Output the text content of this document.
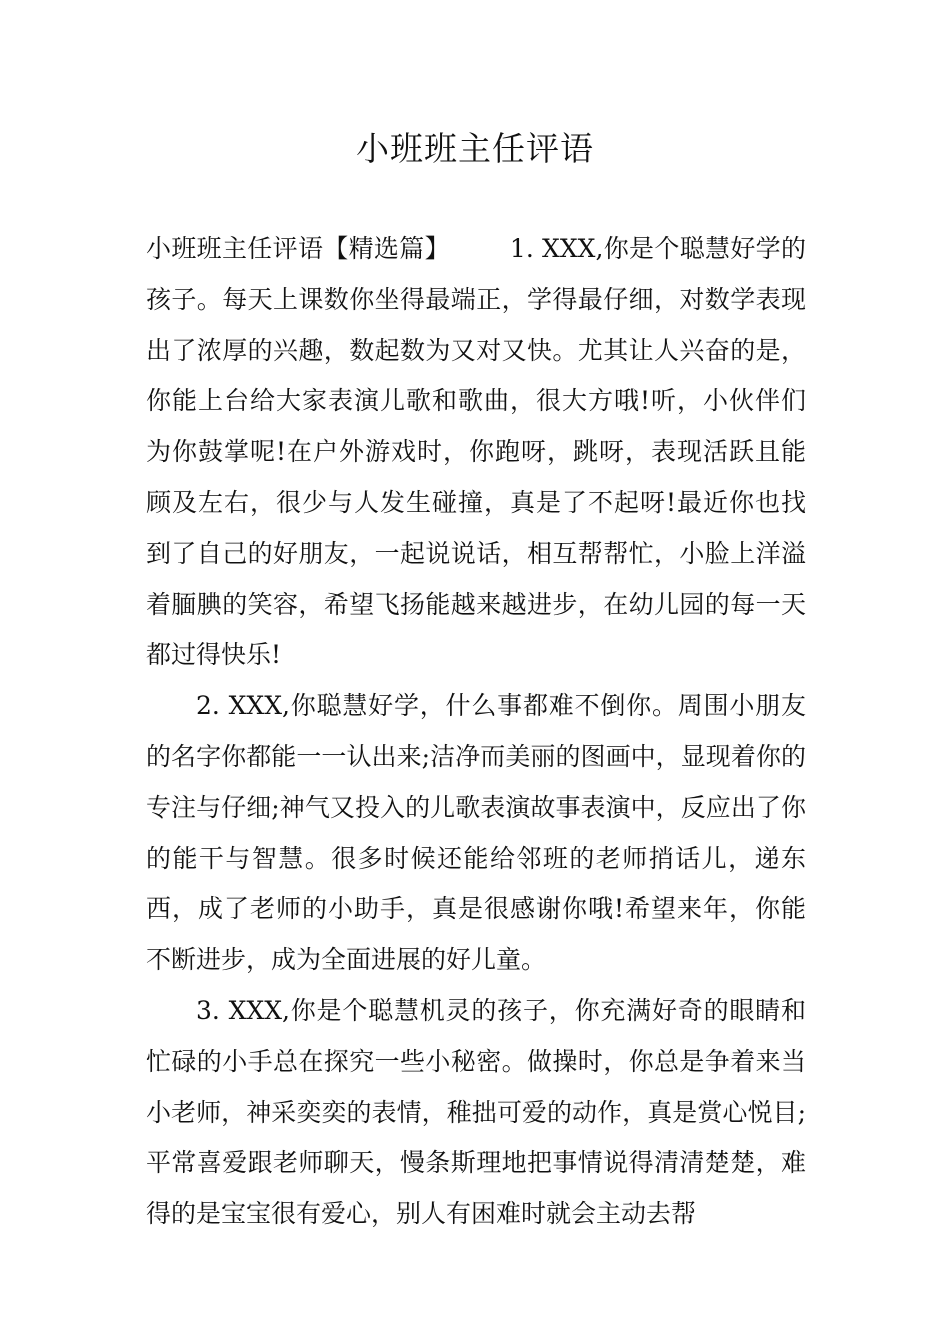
小班班主任评语

小班班主任评语【精选篇】 1. XXX,你是个聪慧好学的孩子。每天上课数你坐得最端正，学得最仔细，对数学表现出了浓厚的兴趣，数起数为又对又快。尤其让人兴奋的是，你能上台给大家表演儿歌和歌曲，很大方哦!听，小伙伴们为你鼓掌呢!在户外游戏时，你跑呀，跳呀，表现活跃且能顾及左右，很少与人发生碰撞，真是了不起呀!最近你也找到了自己的好朋友，一起说说话，相互帮帮忙，小脸上洋溢着腼腆的笑容，希望飞扬能越来越进步，在幼儿园的每一天都过得快乐!

2. XXX,你聪慧好学，什么事都难不倒你。周围小朋友的名字你都能一一认出来;洁净而美丽的图画中，显现着你的专注与仔细;神气又投入的儿歌表演故事表演中，反应出了你的能干与智慧。很多时候还能给邻班的老师捎话儿，递东西，成了老师的小助手，真是很感谢你哦!希望来年，你能不断进步，成为全面进展的好儿童。

3. XXX,你是个聪慧机灵的孩子，你充满好奇的眼睛和忙碌的小手总在探究一些小秘密。做操时，你总是争着来当小老师，神采奕奕的表情，稚拙可爱的动作，真是赏心悦目;平常喜爱跟老师聊天，慢条斯理地把事情说得清清楚楚，难得的是宝宝很有爱心，别人有困难时就会主动去帮
